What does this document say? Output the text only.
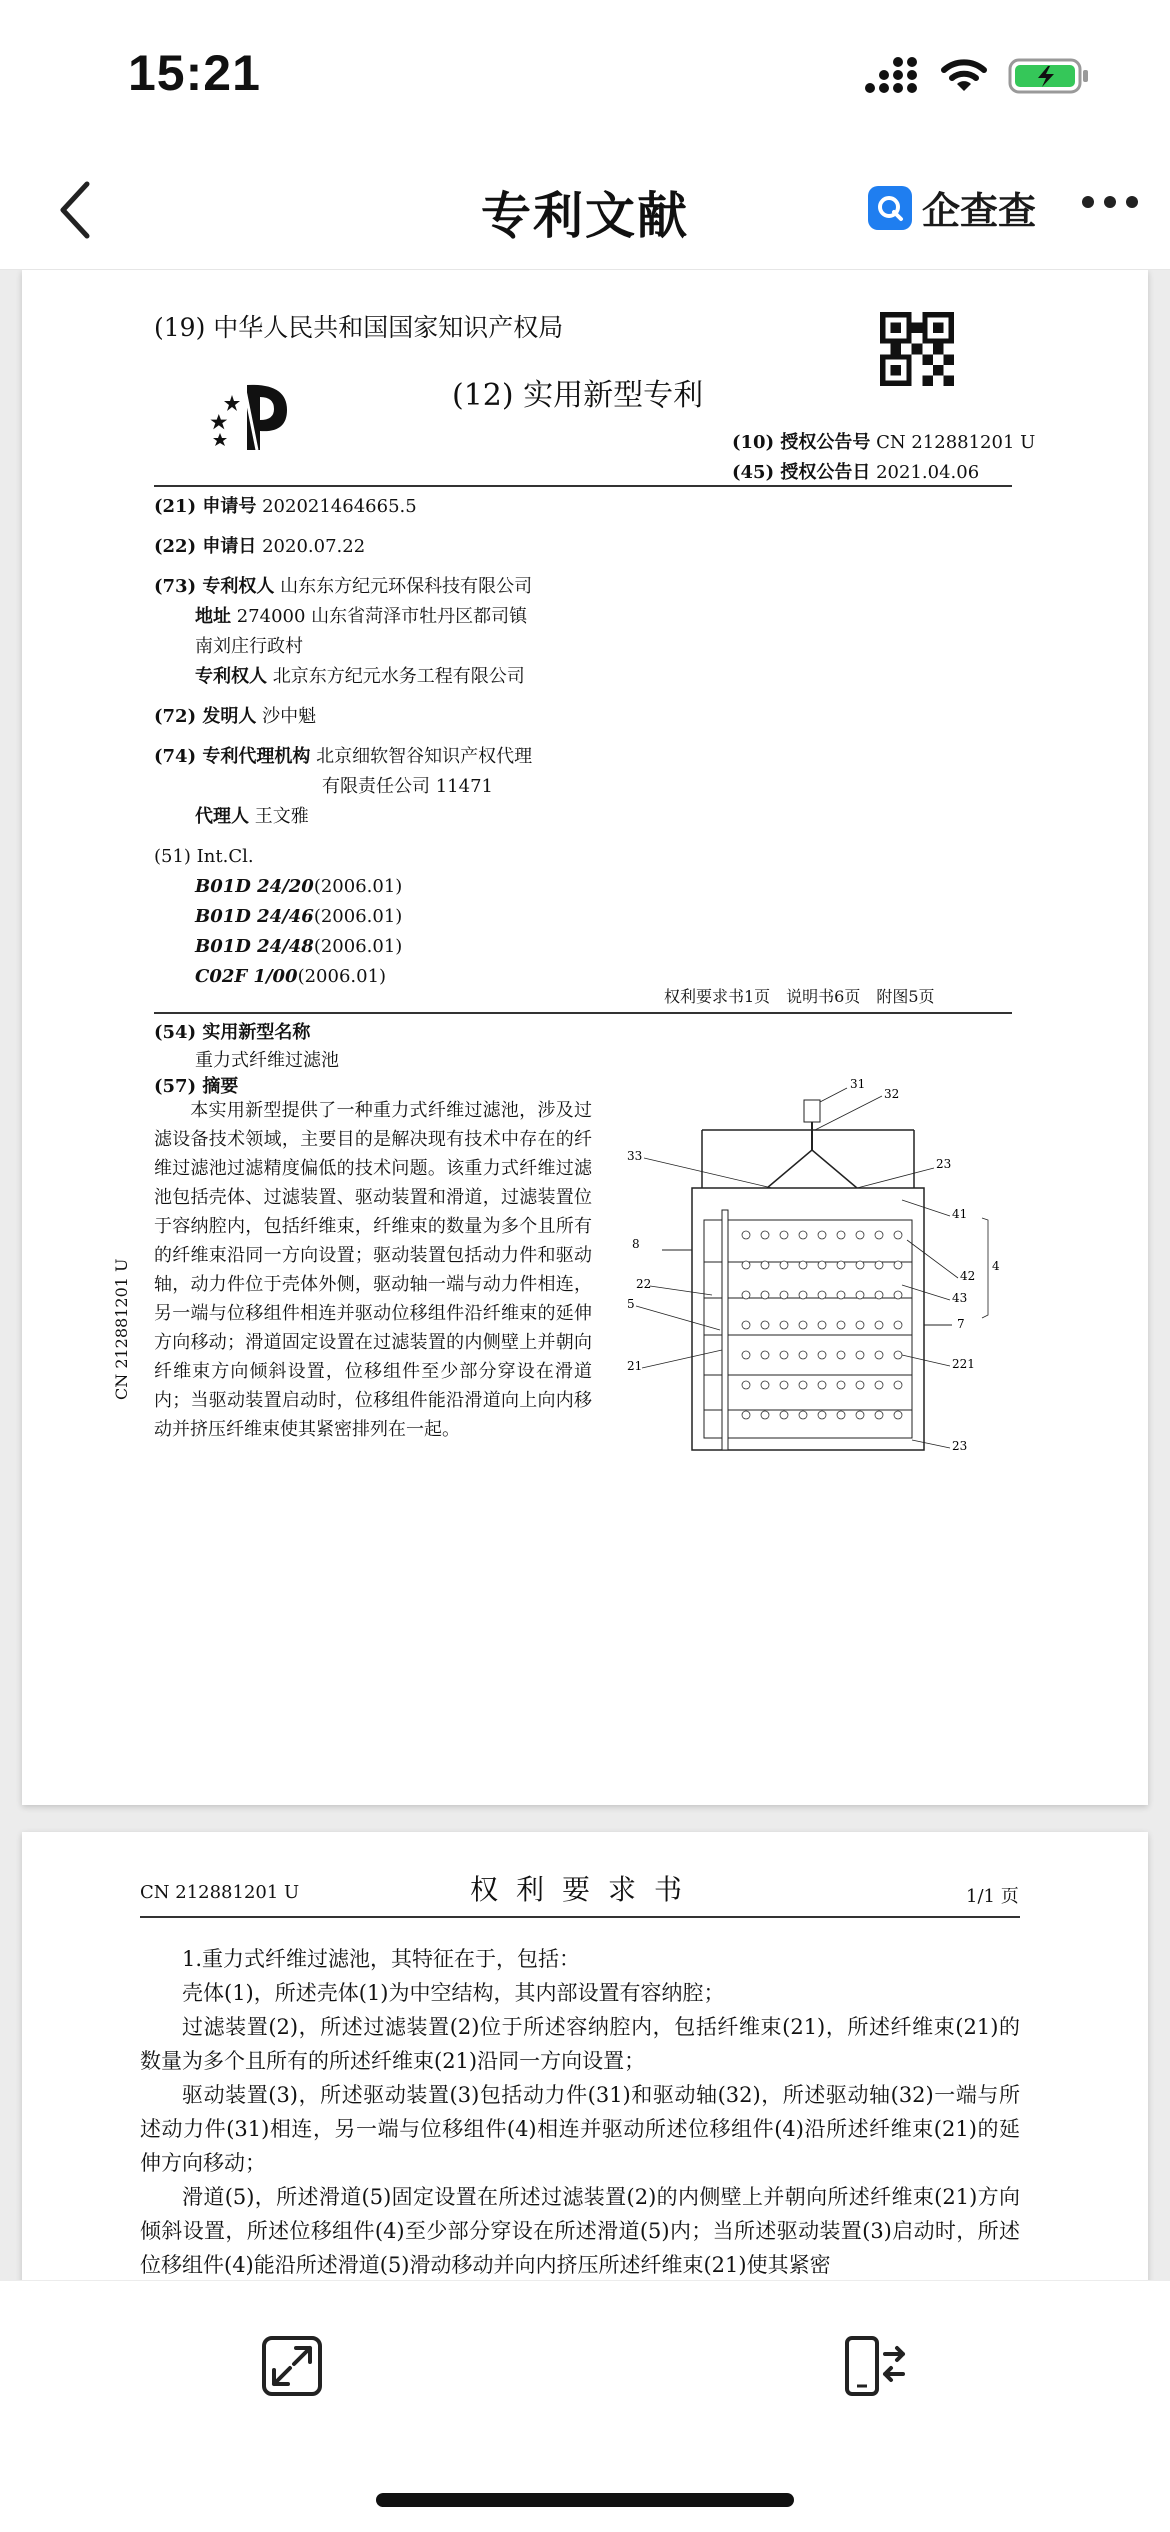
15:21
专利文献	企查查
(19) 中华人民共和国国家知识产权局
(12) 实用新型专利
(10) 授权公告号 CN 212881201 U
(45) 授权公告日 2021.04.06
(21) 申请号 202021464665.5
(22) 申请日 2020.07.22
(73) 专利权人 山东东方纪元环保科技有限公司
地址 274000 山东省菏泽市牡丹区都司镇
南刘庄行政村
专利权人 北京东方纪元水务工程有限公司
(72) 发明人 沙中魁
(74) 专利代理机构 北京细软智谷知识产权代理
有限责任公司 11471
代理人 王文雅
(51) Int.Cl.
B01D 24/20(2006.01)
B01D 24/46(2006.01)
B01D 24/48(2006.01)
C02F 1/00(2006.01)
权利要求书1页　说明书6页　附图5页
(54) 实用新型名称
重力式纤维过滤池
(57) 摘要
本实用新型提供了一种重力式纤维过滤池，涉及过滤设备技术领域，主要目的是解决现有技术中存在的纤维过滤池过滤精度偏低的技术问题。该重力式纤维过滤池包括壳体、过滤装置、驱动装置和滑道，过滤装置位于容纳腔内，包括纤维束，纤维束的数量为多个且所有的纤维束沿同一方向设置；驱动装置包括动力件和驱动轴，动力件位于壳体外侧，驱动轴一端与动力件相连，另一端与位移组件相连并驱动位移组件沿纤维束的延伸方向移动；滑道固定设置在过滤装置的内侧壁上并朝向纤维束方向倾斜设置，位移组件至少部分穿设在滑道内；当驱动装置启动时，位移组件能沿滑道向上向内移动并挤压纤维束使其紧密排列在一起。
CN 212881201 U
31
32
33
23
41
4
8
42
22
43
5
7
21	221
23
CN 212881201 U	权利要求书	1/1 页

1.重力式纤维过滤池，其特征在于，包括：

壳体(1)，所述壳体(1)为中空结构，其内部设置有容纳腔；

过滤装置(2)，所述过滤装置(2)位于所述容纳腔内，包括纤维束(21)，所述纤维束(21)的数量为多个且所有的所述纤维束(21)沿同一方向设置；

驱动装置(3)，所述驱动装置(3)包括动力件(31)和驱动轴(32)，所述驱动轴(32)一端与所述动力件(31)相连，另一端与位移组件(4)相连并驱动所述位移组件(4)沿所述纤维束(21)的延伸方向移动；

滑道(5)，所述滑道(5)固定设置在所述过滤装置(2)的内侧壁上并朝向所述纤维束(21)方向倾斜设置，所述位移组件(4)至少部分穿设在所述滑道(5)内；当所述驱动装置(3)启动时，所述位移组件(4)能沿所述滑道(5)滑动移动并向内挤压所述纤维束(21)使其紧密
